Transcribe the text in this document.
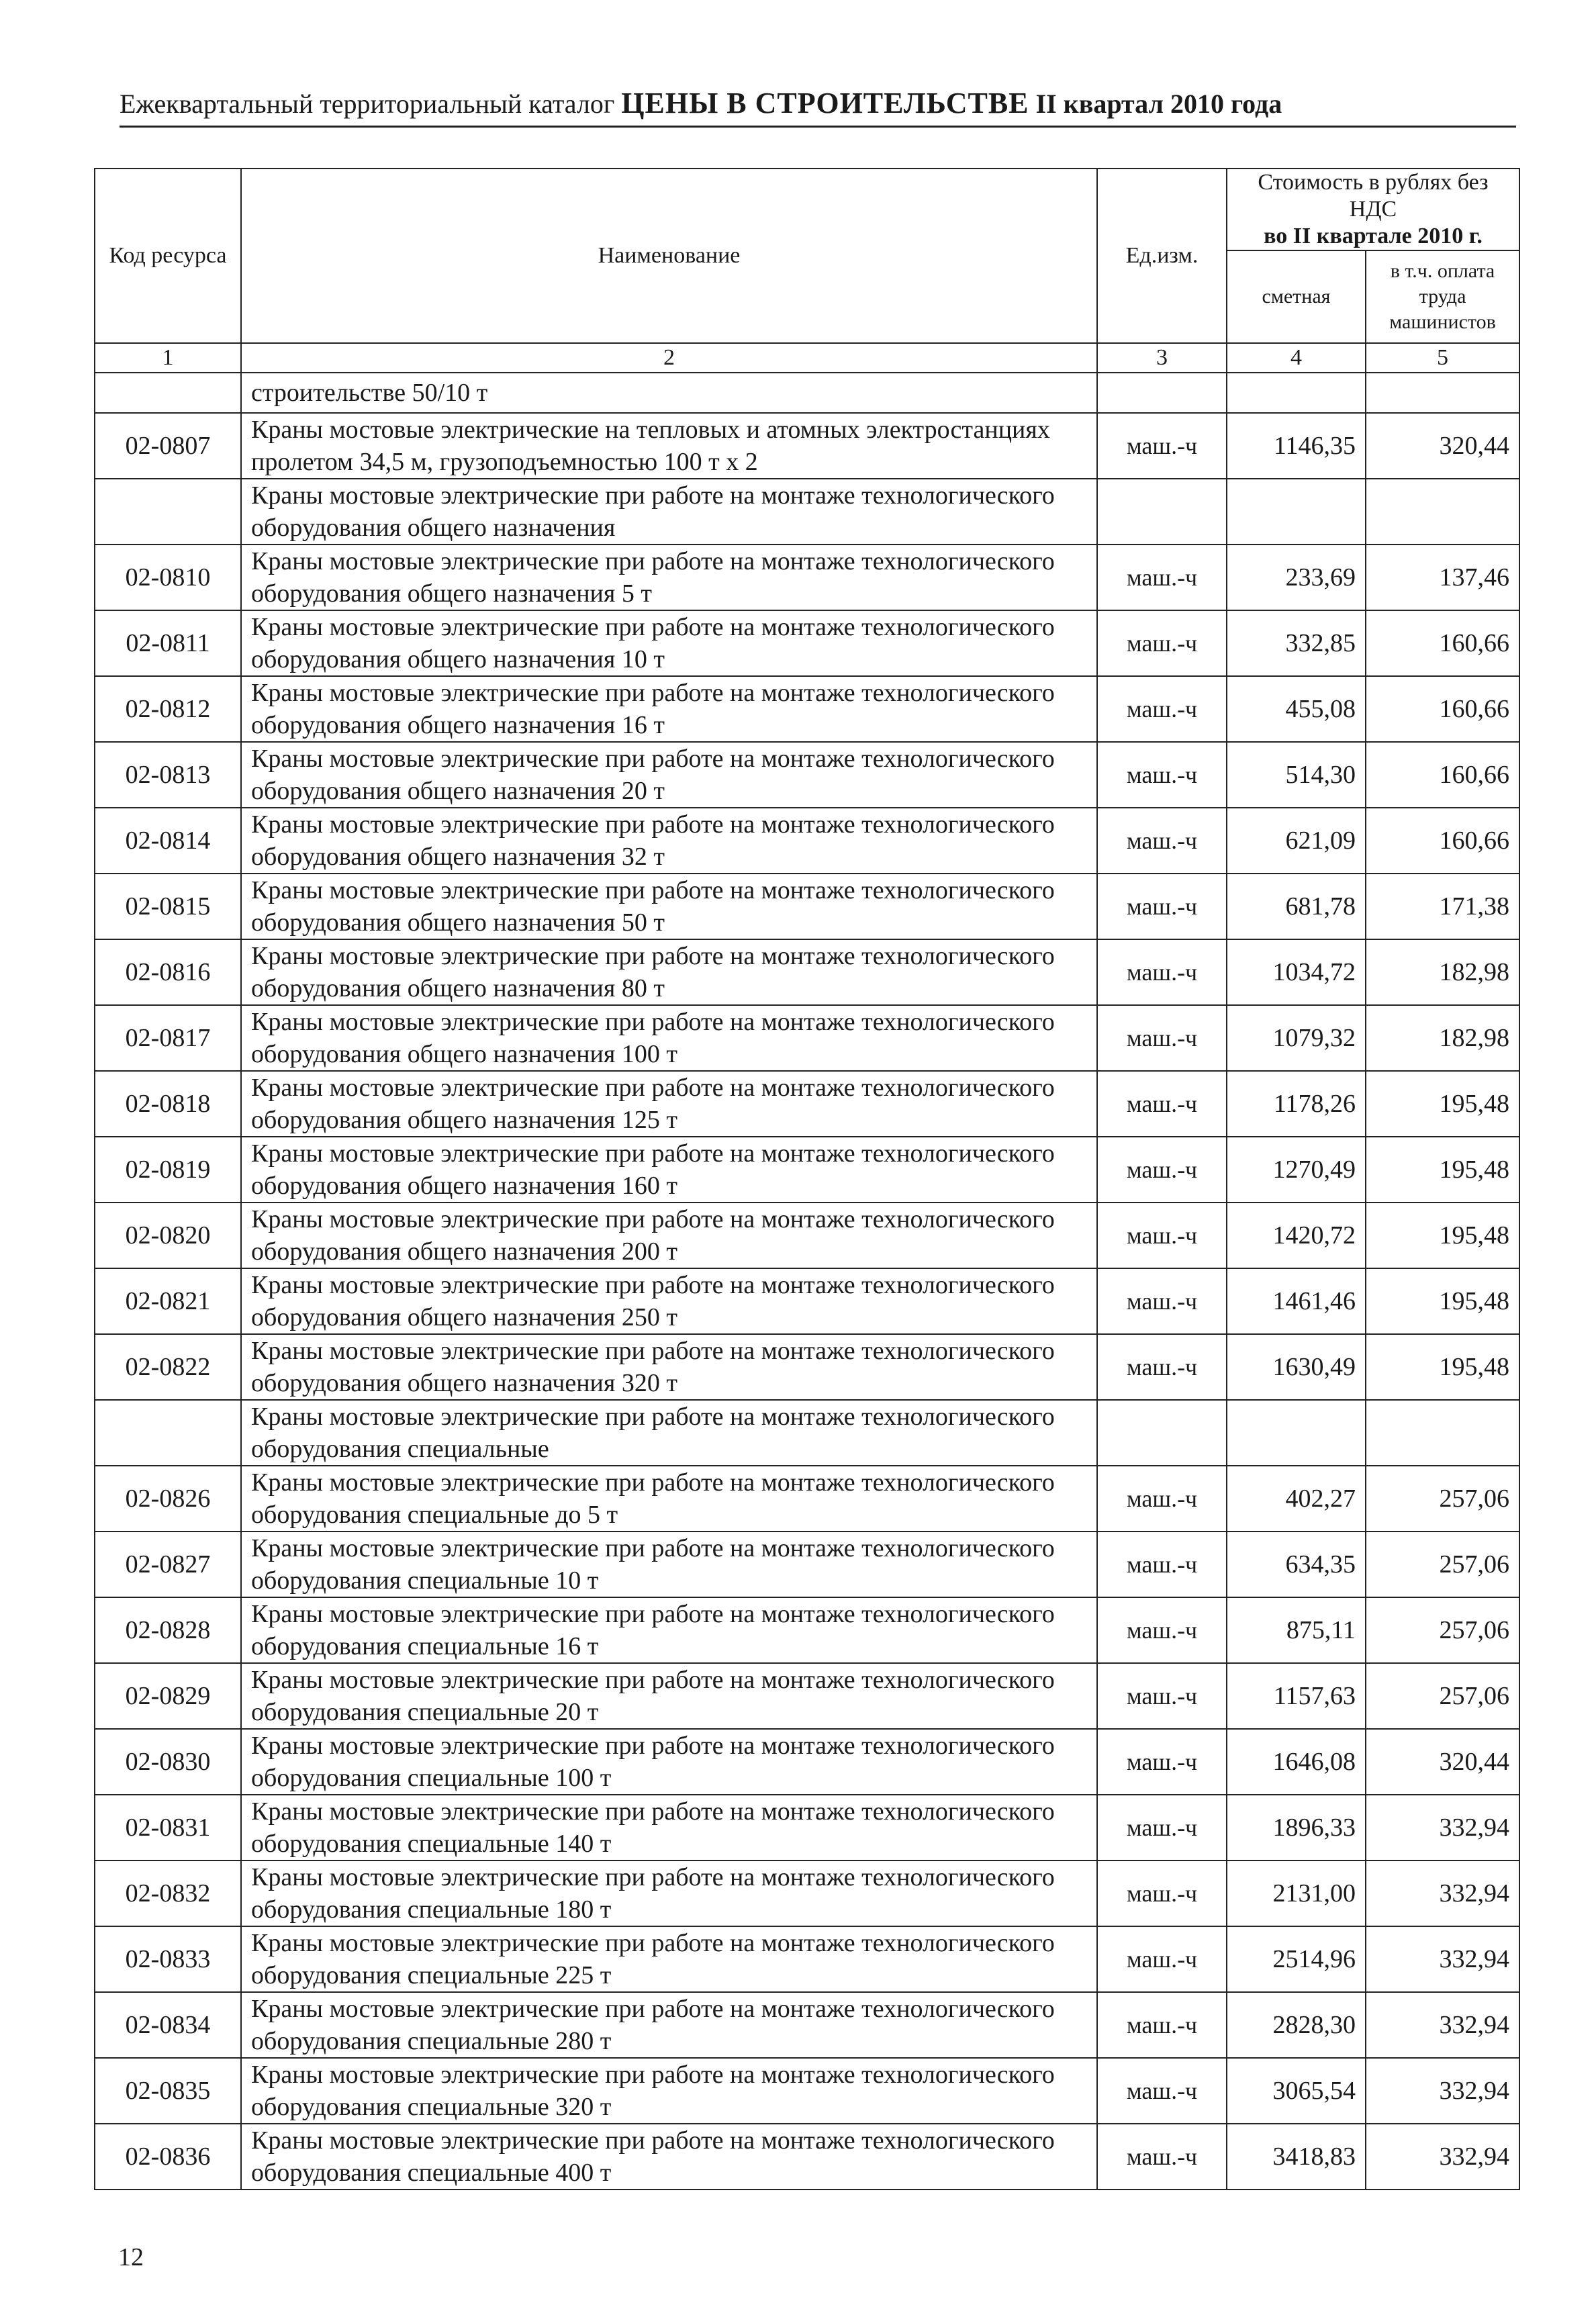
Ежеквартальный территориальный каталог ЦЕНЫ В СТРОИТЕЛЬСТВЕ II квартал 2010 года
Код ресурса	Наименование	Ед.изм.	Стоимость в рублях без НДС
во II квартале 2010 г.	

			сметная	в т.ч. оплата труда машинистов
1	2	3	4	5
	строительстве 50/10 т			
02-0807	Краны мостовые электрические на тепловых и атомных электростанциях пролетом 34,5 м, грузоподъемностью 100 т х 2	маш.-ч	1146,35	320,44
	Краны мостовые электрические при работе на монтаже технологического оборудования общего назначения			
02-0810	Краны мостовые электрические при работе на монтаже технологического оборудования общего назначения 5 т	маш.-ч	233,69	137,46
02-0811	Краны мостовые электрические при работе на монтаже технологического оборудования общего назначения 10 т	маш.-ч	332,85	160,66
02-0812	Краны мостовые электрические при работе на монтаже технологического оборудования общего назначения 16 т	маш.-ч	455,08	160,66
02-0813	Краны мостовые электрические при работе на монтаже технологического оборудования общего назначения 20 т	маш.-ч	514,30	160,66
02-0814	Краны мостовые электрические при работе на монтаже технологического оборудования общего назначения 32 т	маш.-ч	621,09	160,66
02-0815	Краны мостовые электрические при работе на монтаже технологического оборудования общего назначения 50 т	маш.-ч	681,78	171,38
02-0816	Краны мостовые электрические при работе на монтаже технологического оборудования общего назначения 80 т	маш.-ч	1034,72	182,98
02-0817	Краны мостовые электрические при работе на монтаже технологического оборудования общего назначения 100 т	маш.-ч	1079,32	182,98
02-0818	Краны мостовые электрические при работе на монтаже технологического оборудования общего назначения 125 т	маш.-ч	1178,26	195,48
02-0819	Краны мостовые электрические при работе на монтаже технологического оборудования общего назначения 160 т	маш.-ч	1270,49	195,48
02-0820	Краны мостовые электрические при работе на монтаже технологического оборудования общего назначения 200 т	маш.-ч	1420,72	195,48
02-0821	Краны мостовые электрические при работе на монтаже технологического оборудования общего назначения 250 т	маш.-ч	1461,46	195,48
02-0822	Краны мостовые электрические при работе на монтаже технологического оборудования общего назначения 320 т	маш.-ч	1630,49	195,48
	Краны мостовые электрические при работе на монтаже технологического оборудования специальные			
02-0826	Краны мостовые электрические при работе на монтаже технологического оборудования специальные до 5 т	маш.-ч	402,27	257,06
02-0827	Краны мостовые электрические при работе на монтаже технологического оборудования специальные 10 т	маш.-ч	634,35	257,06
02-0828	Краны мостовые электрические при работе на монтаже технологического оборудования специальные 16 т	маш.-ч	875,11	257,06
02-0829	Краны мостовые электрические при работе на монтаже технологического оборудования специальные 20 т	маш.-ч	1157,63	257,06
02-0830	Краны мостовые электрические при работе на монтаже технологического оборудования специальные 100 т	маш.-ч	1646,08	320,44
02-0831	Краны мостовые электрические при работе на монтаже технологического оборудования специальные 140 т	маш.-ч	1896,33	332,94
02-0832	Краны мостовые электрические при работе на монтаже технологического оборудования специальные 180 т	маш.-ч	2131,00	332,94
02-0833	Краны мостовые электрические при работе на монтаже технологического оборудования специальные 225 т	маш.-ч	2514,96	332,94
02-0834	Краны мостовые электрические при работе на монтаже технологического оборудования специальные 280 т	маш.-ч	2828,30	332,94
02-0835	Краны мостовые электрические при работе на монтаже технологического оборудования специальные 320 т	маш.-ч	3065,54	332,94
02-0836	Краны мостовые электрические при работе на монтаже технологического оборудования специальные 400 т	маш.-ч	3418,83	332,94
12
